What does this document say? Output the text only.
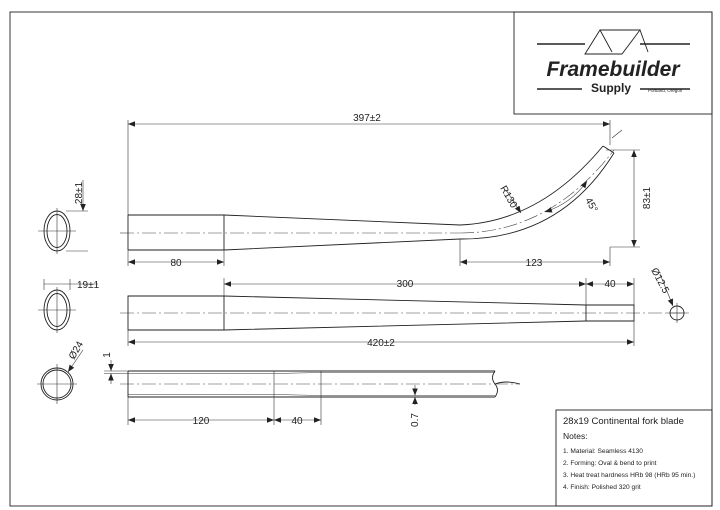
Framebuilder
Supply	Portland, Oregon
397±2
R130	45°	83±1
80	123
28±1
300	40
420±2
Ø12.5
19±1
1
0.7
120	40
Ø24
28x19 Continental fork blade
Notes:
1. Material: Seamless 4130
2. Forming: Oval & bend to print
3. Heat treat hardness HRb 98 (HRb 95 min.)
4. Finish: Polished 320 grit
